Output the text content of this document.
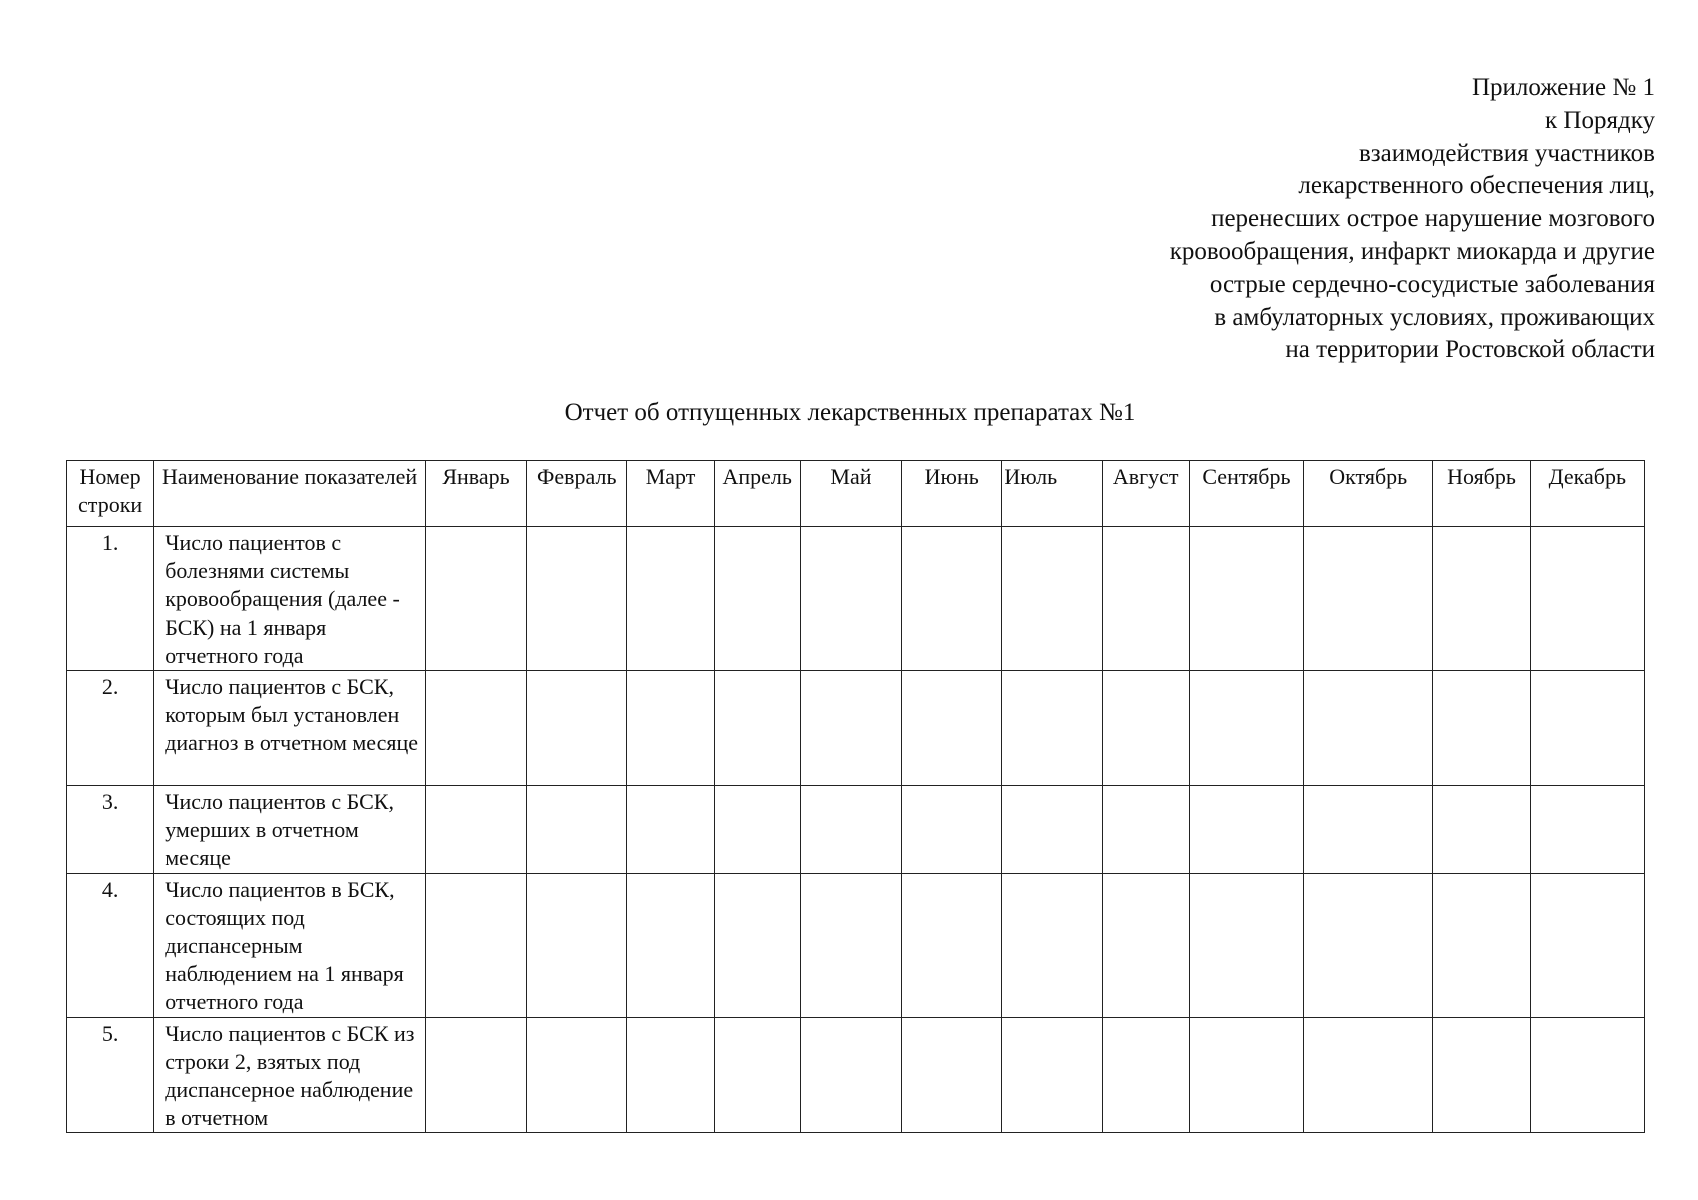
Приложение № 1
к Порядку
взаимодействия участников
лекарственного обеспечения лиц,
перенесших острое нарушение мозгового
кровообращения, инфаркт миокарда и другие
острые сердечно-сосудистые заболевания
в амбулаторных условиях, проживающих
на территории Ростовской области
Отчет об отпущенных лекарственных препаратах №1
Номер строки	Наименование показателей	Январь	Февраль	Март	Апрель	Май	Июнь	Июль	Август	Сентябрь	Октябрь	Ноябрь	Декабрь
1.	Число пациентов с болезнями системы кровообращения (далее - БСК) на 1 января отчетного года												
2.	Число пациентов с БСК, которым был установлен диагноз в отчетном месяце												
3.	Число пациентов с БСК, умерших в отчетном месяце												
4.	Число пациентов в БСК, состоящих под диспансерным наблюдением на 1 января отчетного года												
5.	Число пациентов с БСК из строки 2, взятых под диспансерное наблюдение в отчетном												
